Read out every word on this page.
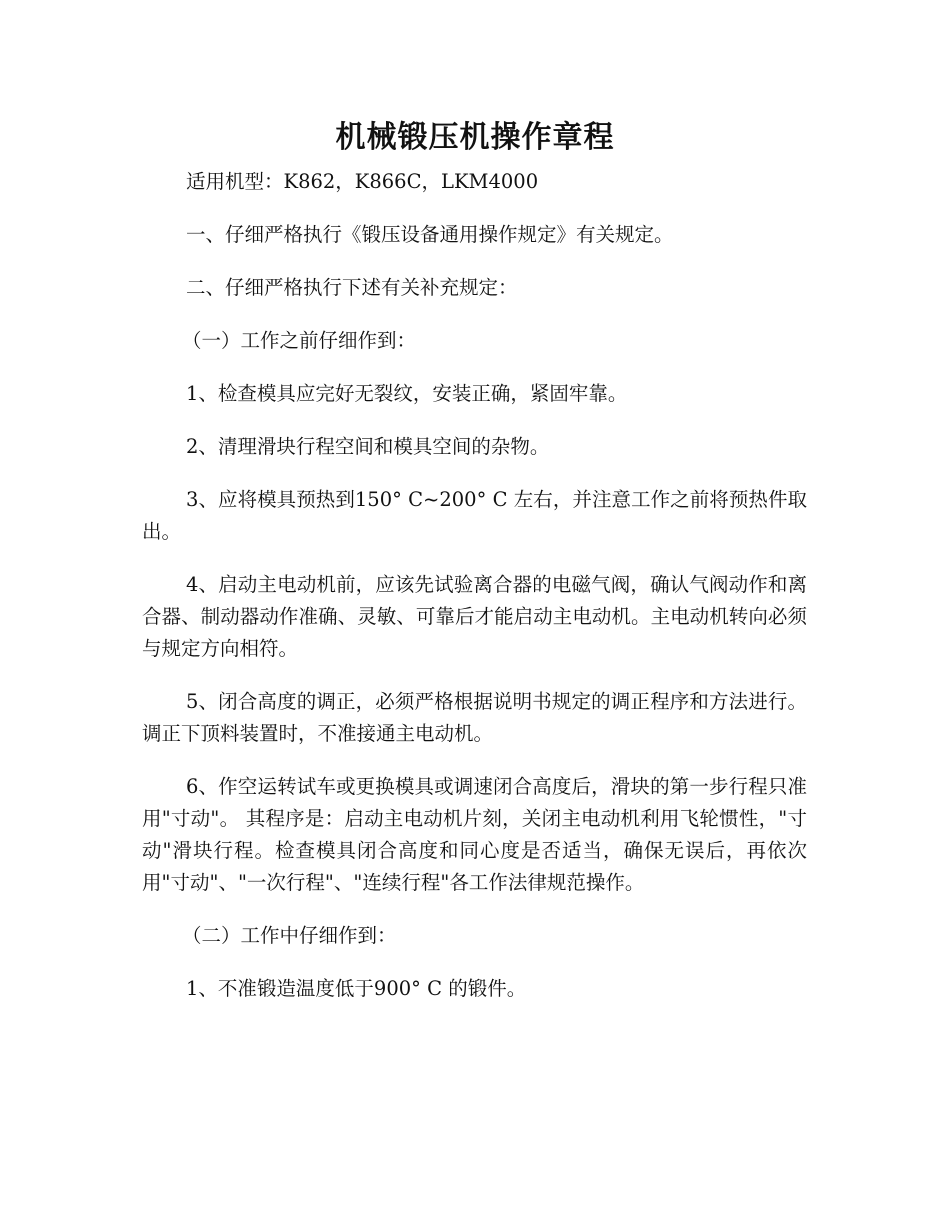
机械锻压机操作章程

适用机型：K862，K866C，LKM4000

一、仔细严格执行《锻压设备通用操作规定》有关规定。

二、仔细严格执行下述有关补充规定：

（一）工作之前仔细作到：

1、检查模具应完好无裂纹，安装正确，紧固牢靠。

2、清理滑块行程空间和模具空间的杂物。

3、应将模具预热到150° C~200° C 左右，并注意工作之前将预热件取出。

4、启动主电动机前，应该先试验离合器的电磁气阀，确认气阀动作和离合器、制动器动作准确、灵敏、可靠后才能启动主电动机。主电动机转向必须与规定方向相符。

5、闭合高度的调正，必须严格根据说明书规定的调正程序和方法进行。调正下顶料装置时，不准接通主电动机。

6、作空运转试车或更换模具或调速闭合高度后，滑块的第一步行程只准用"寸动"。 其程序是：启动主电动机片刻，关闭主电动机利用飞轮惯性，"寸动"滑块行程。检查模具闭合高度和同心度是否适当，确保无误后，再依次用"寸动"、"一次行程"、"连续行程"各工作法律规范操作。

（二）工作中仔细作到：

1、不准锻造温度低于900° C 的锻件。
